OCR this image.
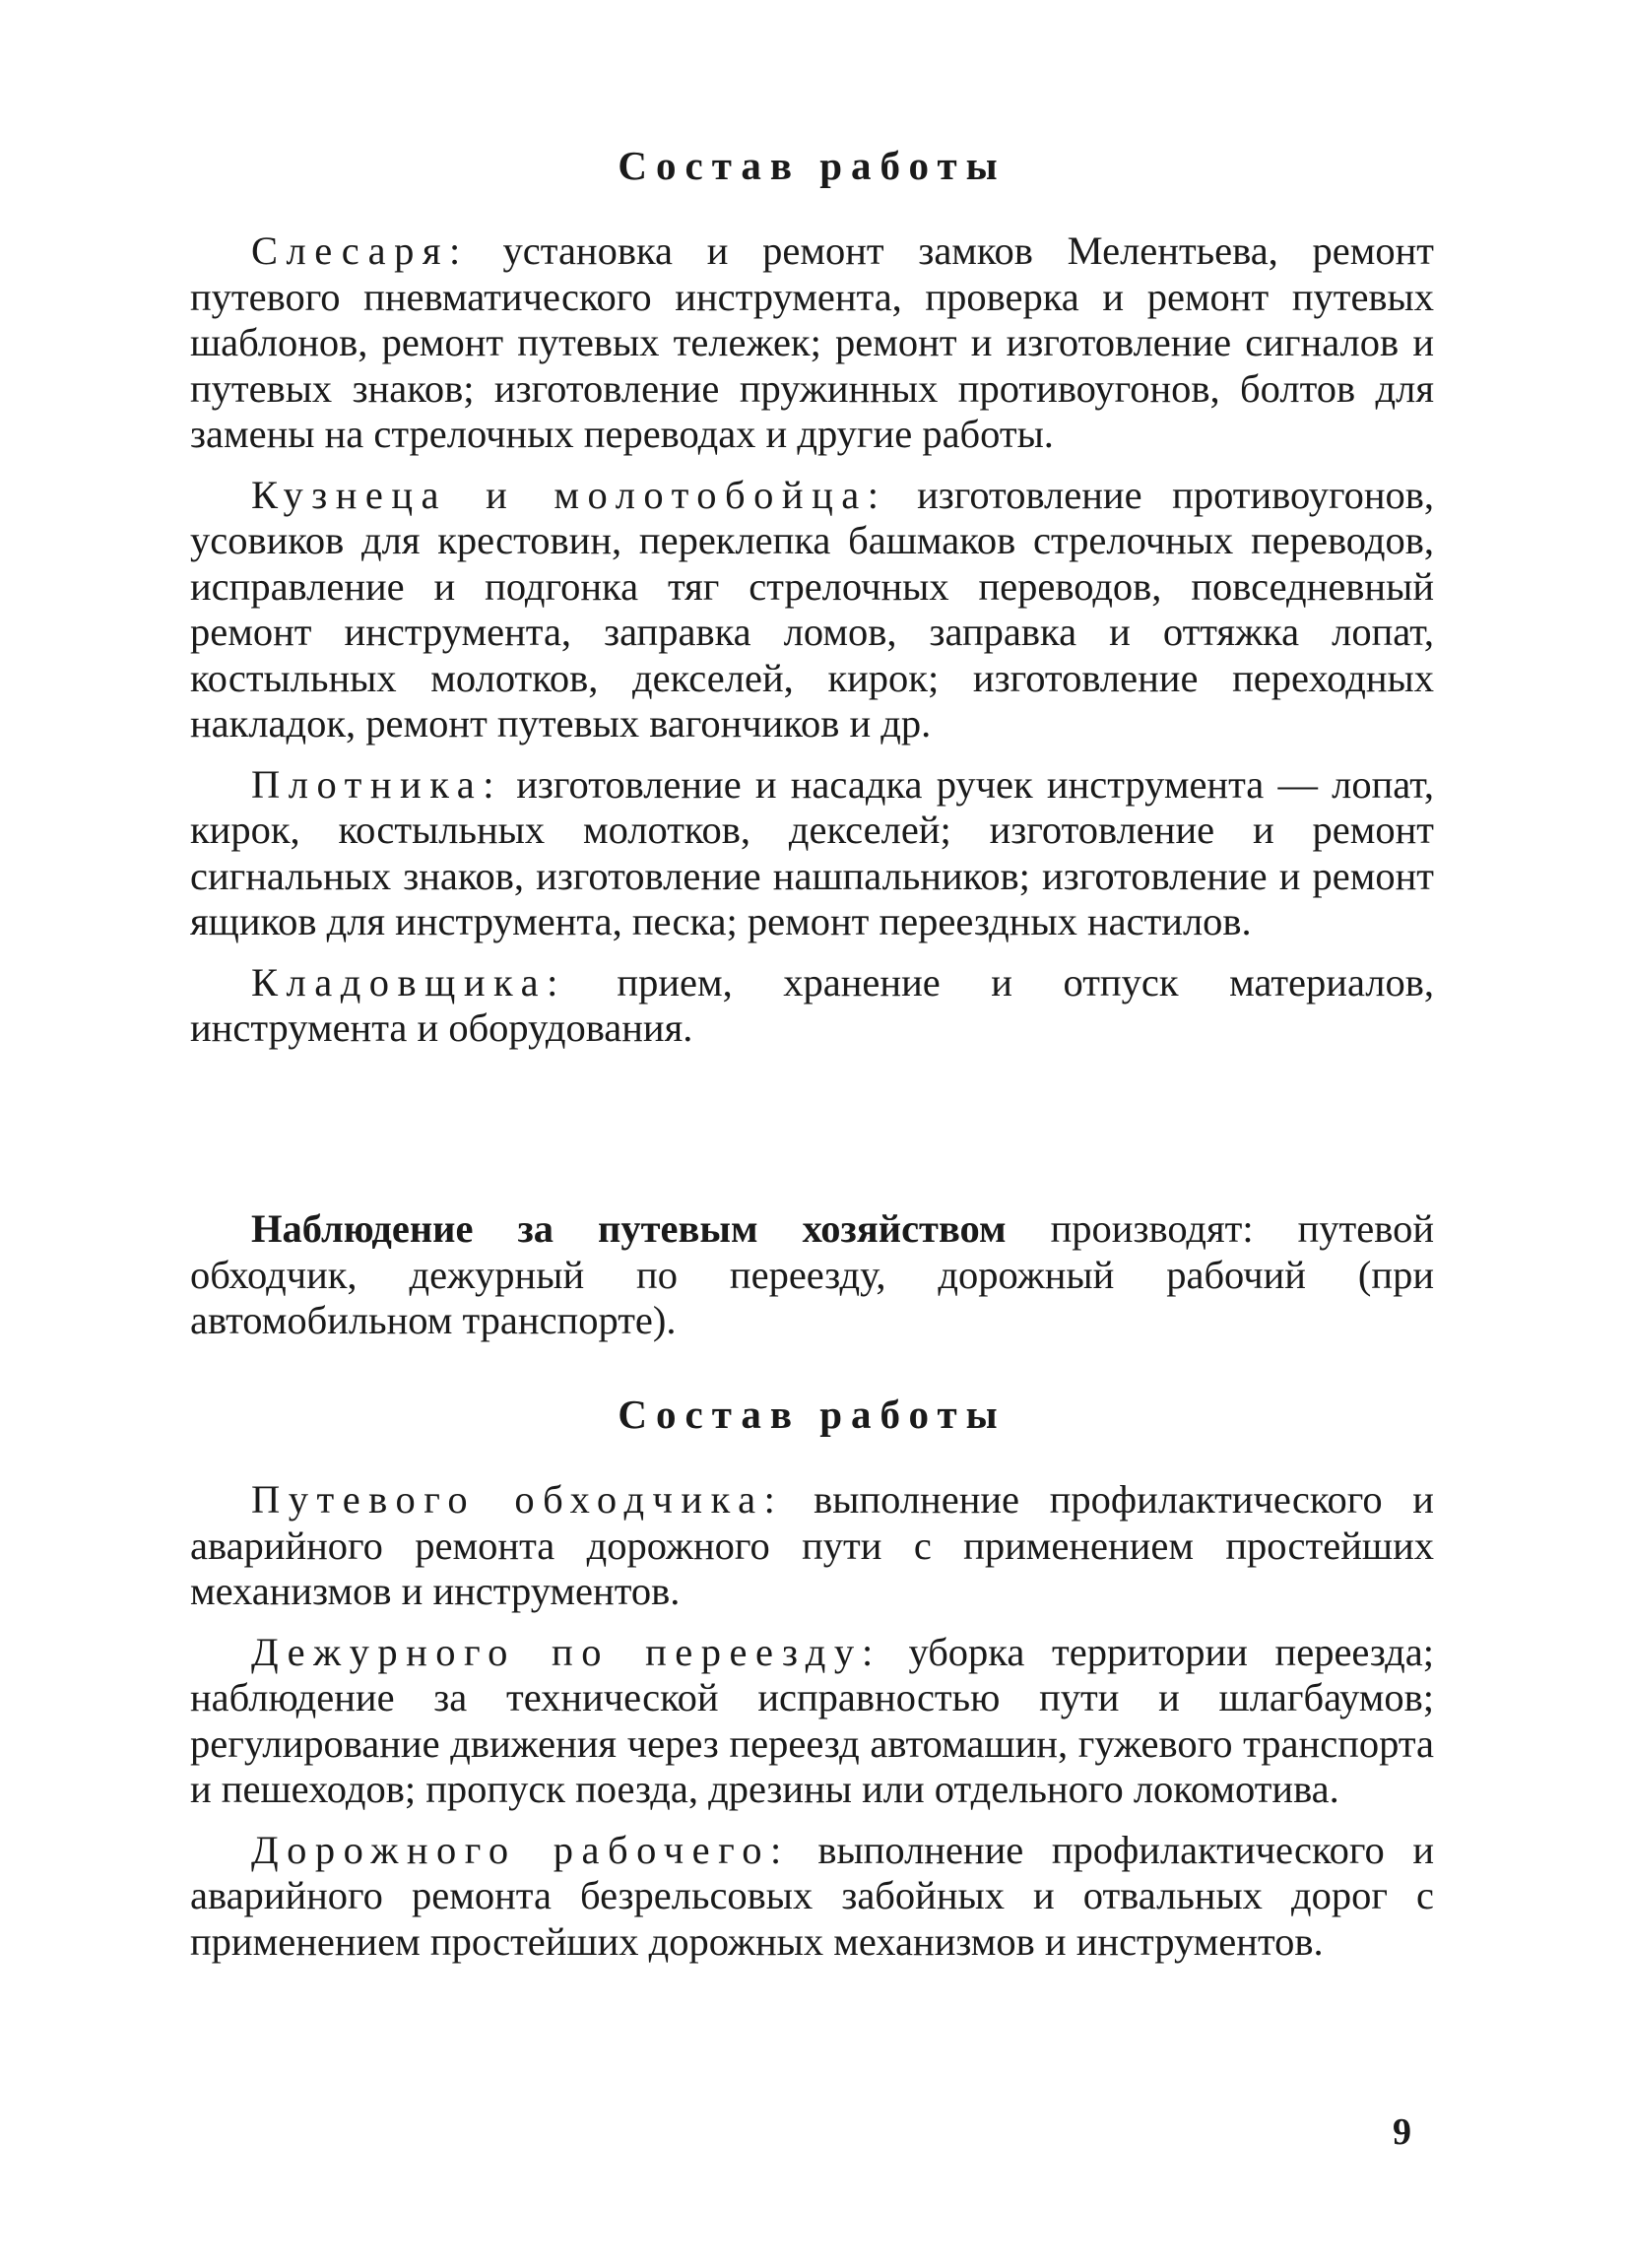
Состав работы

Слесаря: установка и ремонт замков Мелентьева, ремонт путевого пневматического инструмента, проверка и ремонт путевых шаблонов, ремонт путевых тележек; ремонт и изготовление сигналов и путевых знаков; изготовление пружинных противоугонов, болтов для замены на стрелочных переводах и другие работы.

Кузнеца и молотобойца: изготовление противоугонов, усовиков для крестовин, переклепка башмаков стрелочных переводов, исправление и подгонка тяг стрелочных переводов, повседневный ремонт инструмента, заправка ломов, заправка и оттяжка лопат, костыльных молотков, декселей, кирок; изготовление переходных накладок, ремонт путевых вагончиков и др.

Плотника: изготовление и насадка ручек инструмента — лопат, кирок, костыльных молотков, декселей; изготовление и ремонт сигнальных знаков, изготовление нашпальников; изготовление и ремонт ящиков для инструмента, песка; ремонт переездных настилов.

Кладовщика: прием, хранение и отпуск материалов, инструмента и оборудования.

Наблюдение за путевым хозяйством производят: путевой обходчик, дежурный по переезду, дорожный рабочий (при автомобильном транспорте).

Состав работы

Путевого обходчика: выполнение профилактического и аварийного ремонта дорожного пути с применением простейших механизмов и инструментов.

Дежурного по переезду: уборка территории переезда; наблюдение за технической исправностью пути и шлагбаумов; регулирование движения через переезд автомашин, гужевого транспорта и пешеходов; пропуск поезда, дрезины или отдельного локомотива.

Дорожного рабочего: выполнение профилактического и аварийного ремонта безрельсовых забойных и отвальных дорог с применением простейших дорожных механизмов и инструментов.

9
